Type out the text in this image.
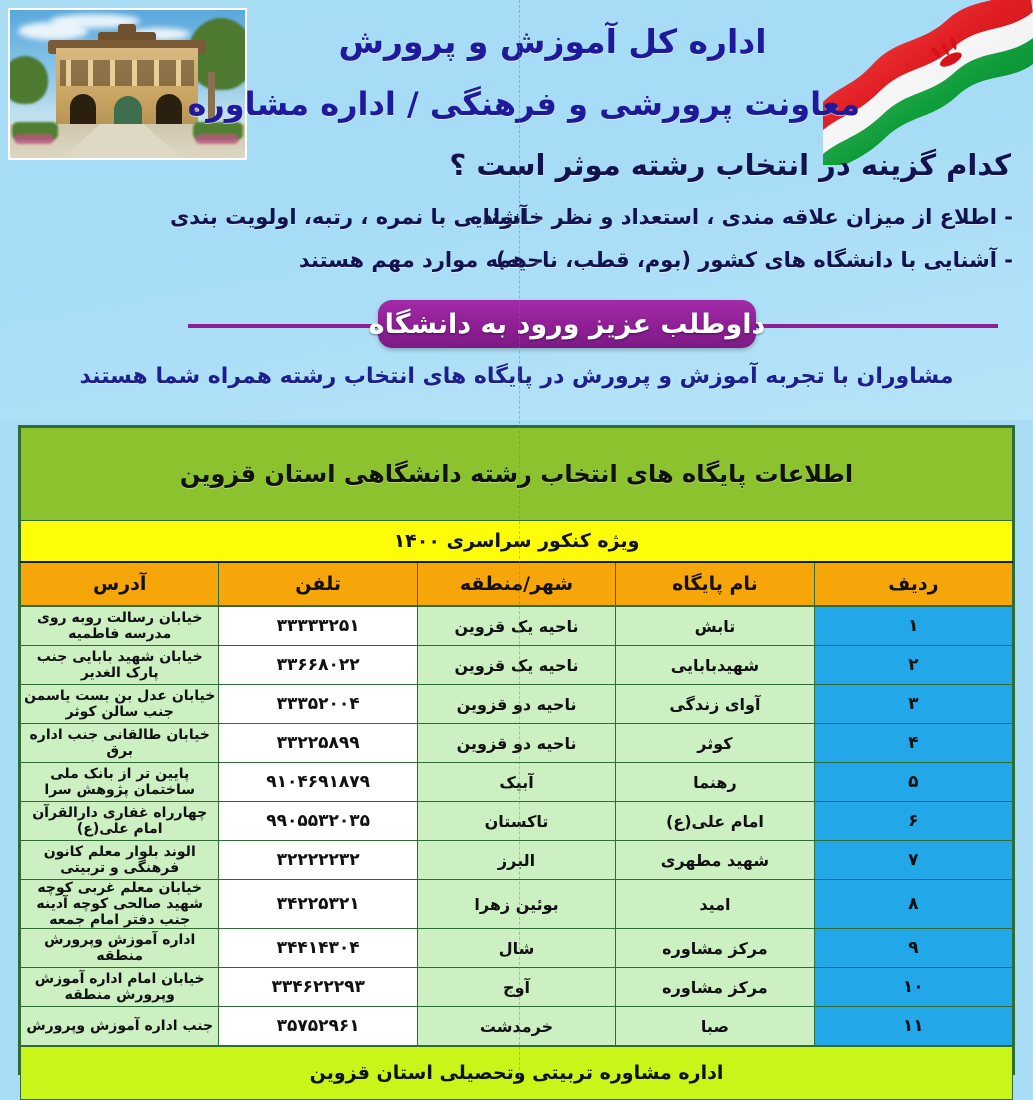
اداره کل آموزش و پرورش
معاونت پرورشی و فرهنگی / اداره مشاوره
کدام گزینه در انتخاب رشته موثر است ؟
- اطلاع از میزان علاقه مندی ، استعداد و نظر خانواده
- آشنایی با نمره ، رتبه، اولویت بندی
- آشنایی با دانشگاه های کشور (بوم، قطب، ناحیه)
- همه موارد مهم هستند
داوطلب عزیز ورود به دانشگاه
مشاوران با تجربه آموزش و پرورش در پایگاه های انتخاب رشته همراه شما هستند
اطلاعات پایگاه های انتخاب رشته دانشگاهی استان قزوین				
ویژه کنکور سراسری ۱۴۰۰				
ردیف	نام پایگاه	شهر/منطقه	تلفن	آدرس
۱	تابش	ناحیه یک قزوین	۳۳۳۳۳۲۵۱	خیابان رسالت روبه روی مدرسه فاطمیه
۲	شهیدبابایی	ناحیه یک قزوین	۳۳۶۶۸۰۲۲	خیابان شهید بابایی جنب پارک الغدیر
۳	آوای زندگی	ناحیه دو قزوین	۳۳۳۵۲۰۰۴	خیابان عدل بن بست یاسمن جنب سالن کوثر
۴	کوثر	ناحیه دو قزوین	۳۳۲۲۵۸۹۹	خیابان طالقانی جنب اداره برق
۵	رهنما	آبیک	۹۱۰۴۶۹۱۸۷۹	پایین تر از بانک ملی ساختمان پژوهش سرا
۶	امام علی(ع)	تاکستان	۹۹۰۵۵۳۲۰۳۵	چهارراه غفاری دارالقرآن امام علی(ع)
۷	شهید مطهری	البرز	۳۲۲۲۲۲۳۲	الوند بلوار معلم کانون فرهنگی و تربیتی
۸	امید	بوئین زهرا	۳۴۲۲۵۳۲۱	خیابان معلم غربی کوچه شهید صالحی کوچه آدینه جنب دفتر امام جمعه
۹	مرکز مشاوره	شال	۳۴۴۱۴۳۰۴	اداره آموزش وپرورش منطقه
۱۰	مرکز مشاوره	آوج	۳۳۴۶۲۲۲۹۳	خیابان امام اداره آموزش وپرورش منطقه
۱۱	صبا	خرمدشت	۳۵۷۵۲۹۶۱	جنب اداره آموزش وپرورش
اداره مشاوره تربیتی وتحصیلی استان قزوین				
